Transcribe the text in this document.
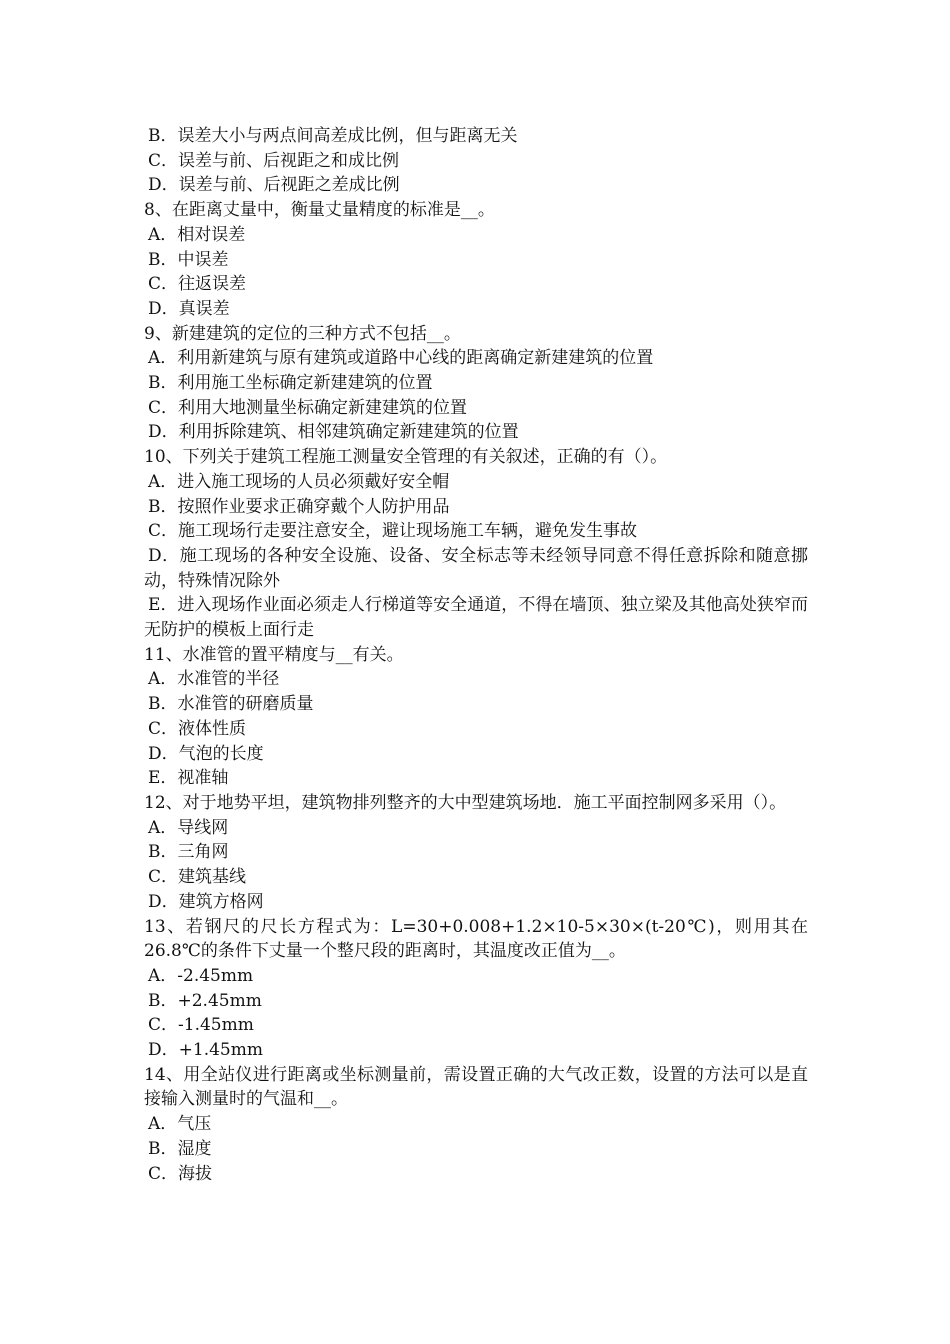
B．误差大小与两点间高差成比例，但与距离无关
C．误差与前、后视距之和成比例
D．误差与前、后视距之差成比例
8、在距离丈量中，衡量丈量精度的标准是__。
A．相对误差
B．中误差
C．往返误差
D．真误差
9、新建建筑的定位的三种方式不包括__。
A．利用新建筑与原有建筑或道路中心线的距离确定新建建筑的位置
B．利用施工坐标确定新建建筑的位置
C．利用大地测量坐标确定新建建筑的位置
D．利用拆除建筑、相邻建筑确定新建建筑的位置
10、下列关于建筑工程施工测量安全管理的有关叙述，正确的有（）。
A．进入施工现场的人员必须戴好安全帽
B．按照作业要求正确穿戴个人防护用品
C．施工现场行走要注意安全，避让现场施工车辆，避免发生事故
D．施工现场的各种安全设施、设备、安全标志等未经领导同意不得任意拆除和随意挪动，特殊情况除外
E．进入现场作业面必须走人行梯道等安全通道，不得在墙顶、独立梁及其他高处狭窄而无防护的模板上面行走
11、水准管的置平精度与__有关。
A．水准管的半径
B．水准管的研磨质量
C．液体性质
D．气泡的长度
E．视准轴
12、对于地势平坦，建筑物排列整齐的大中型建筑场地．施工平面控制网多采用（）。
A．导线网
B．三角网
C．建筑基线
D．建筑方格网
13、若钢尺的尺长方程式为：L=30+0.008+1.2×10-5×30×(t-20℃)，则用其在26.8℃的条件下丈量一个整尺段的距离时，其温度改正值为__。
A．-2.45mm
B．+2.45mm
C．-1.45mm
D．+1.45mm
14、用全站仪进行距离或坐标测量前，需设置正确的大气改正数，设置的方法可以是直接输入测量时的气温和__。
A．气压
B．湿度
C．海拔
